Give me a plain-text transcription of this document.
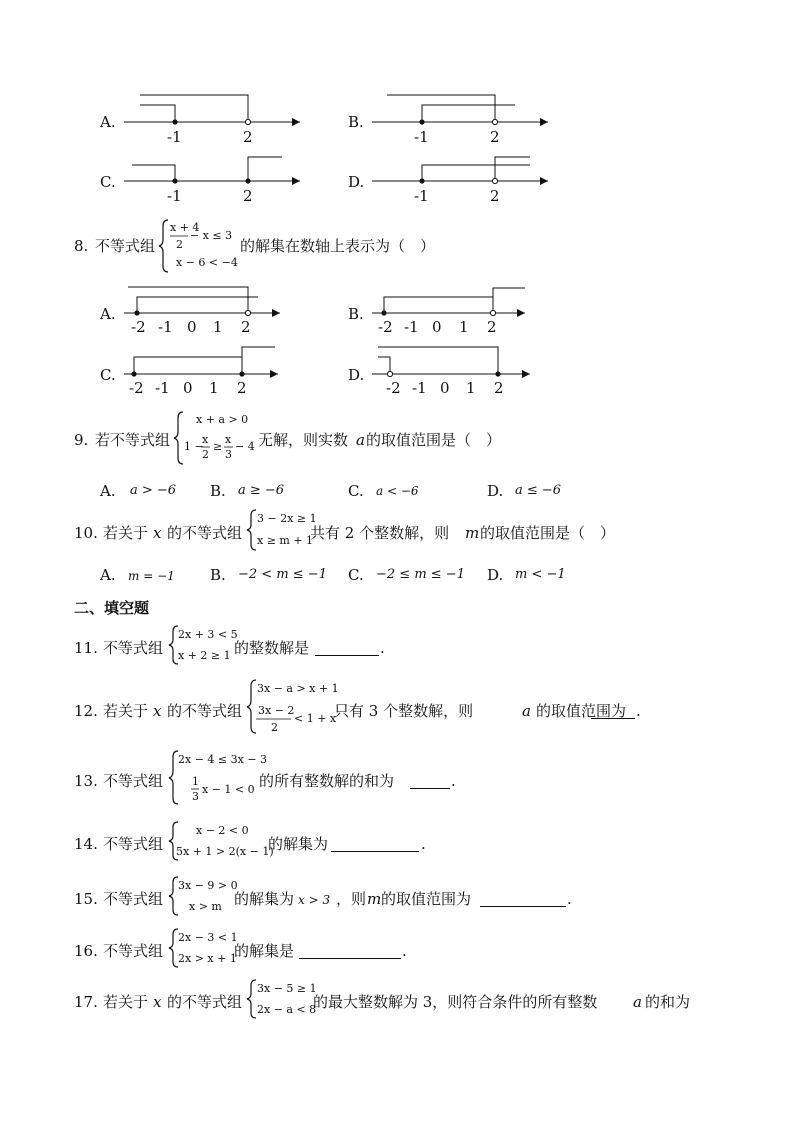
A.
-1	2
B.
-1	2
C.
-1	2
D.
-1	2
8. 不等式组
x + 4
2
− x ≤ 3
x − 6 < −4
的解集在数轴上表示为（　）
A.
-2 -1 0 1 2
B.
-2 -1 0 1 2
C.
-2 -1 0 1 2
D.
-2 -1 0 1 2
9. 若不等式组
x + a > 0
1 −
x
2
≥
x
3
− 4 无解，则实数 a 的取值范围是（　）
A. a > −6 B. a ≥ −6	C. a < −6	D. a ≤ −6
10. 若关于 x 的不等式组
3 − 2x ≥ 1
x ≥ m + 1
共有 2 个整数解，则 m 的取值范围是（　）
A. m = −1 B. −2 < m ≤ −1 C. −2 ≤ m ≤ −1 D. m < −1
二、填空题
11. 不等式组
2x + 3 < 5
x + 2 ≥ 1 的整数解是	.
12. 若关于 x 的不等式组
3x − a > x + 1
3x − 2
2
< 1 + x
只有 3 个整数解，则	a 的取值范围为 .
13. 不等式组
2x − 4 ≤ 3x − 3
1
3
x − 1 < 0 的所有整数解的和为	.
14. 不等式组
x − 2 < 0
5x + 1 > 2(x − 1)
的解集为	.
15. 不等式组
3x − 9 > 0
x > m 的解集为 x > 3 ，则 m 的取值范围为	.
16. 不等式组
2x − 3 < 1
2x > x + 1
的解集是	.
17. 若关于 x 的不等式组
3x − 5 ≥ 1
2x − a < 8
的最大整数解为 3，则符合条件的所有整数 a 的和为
